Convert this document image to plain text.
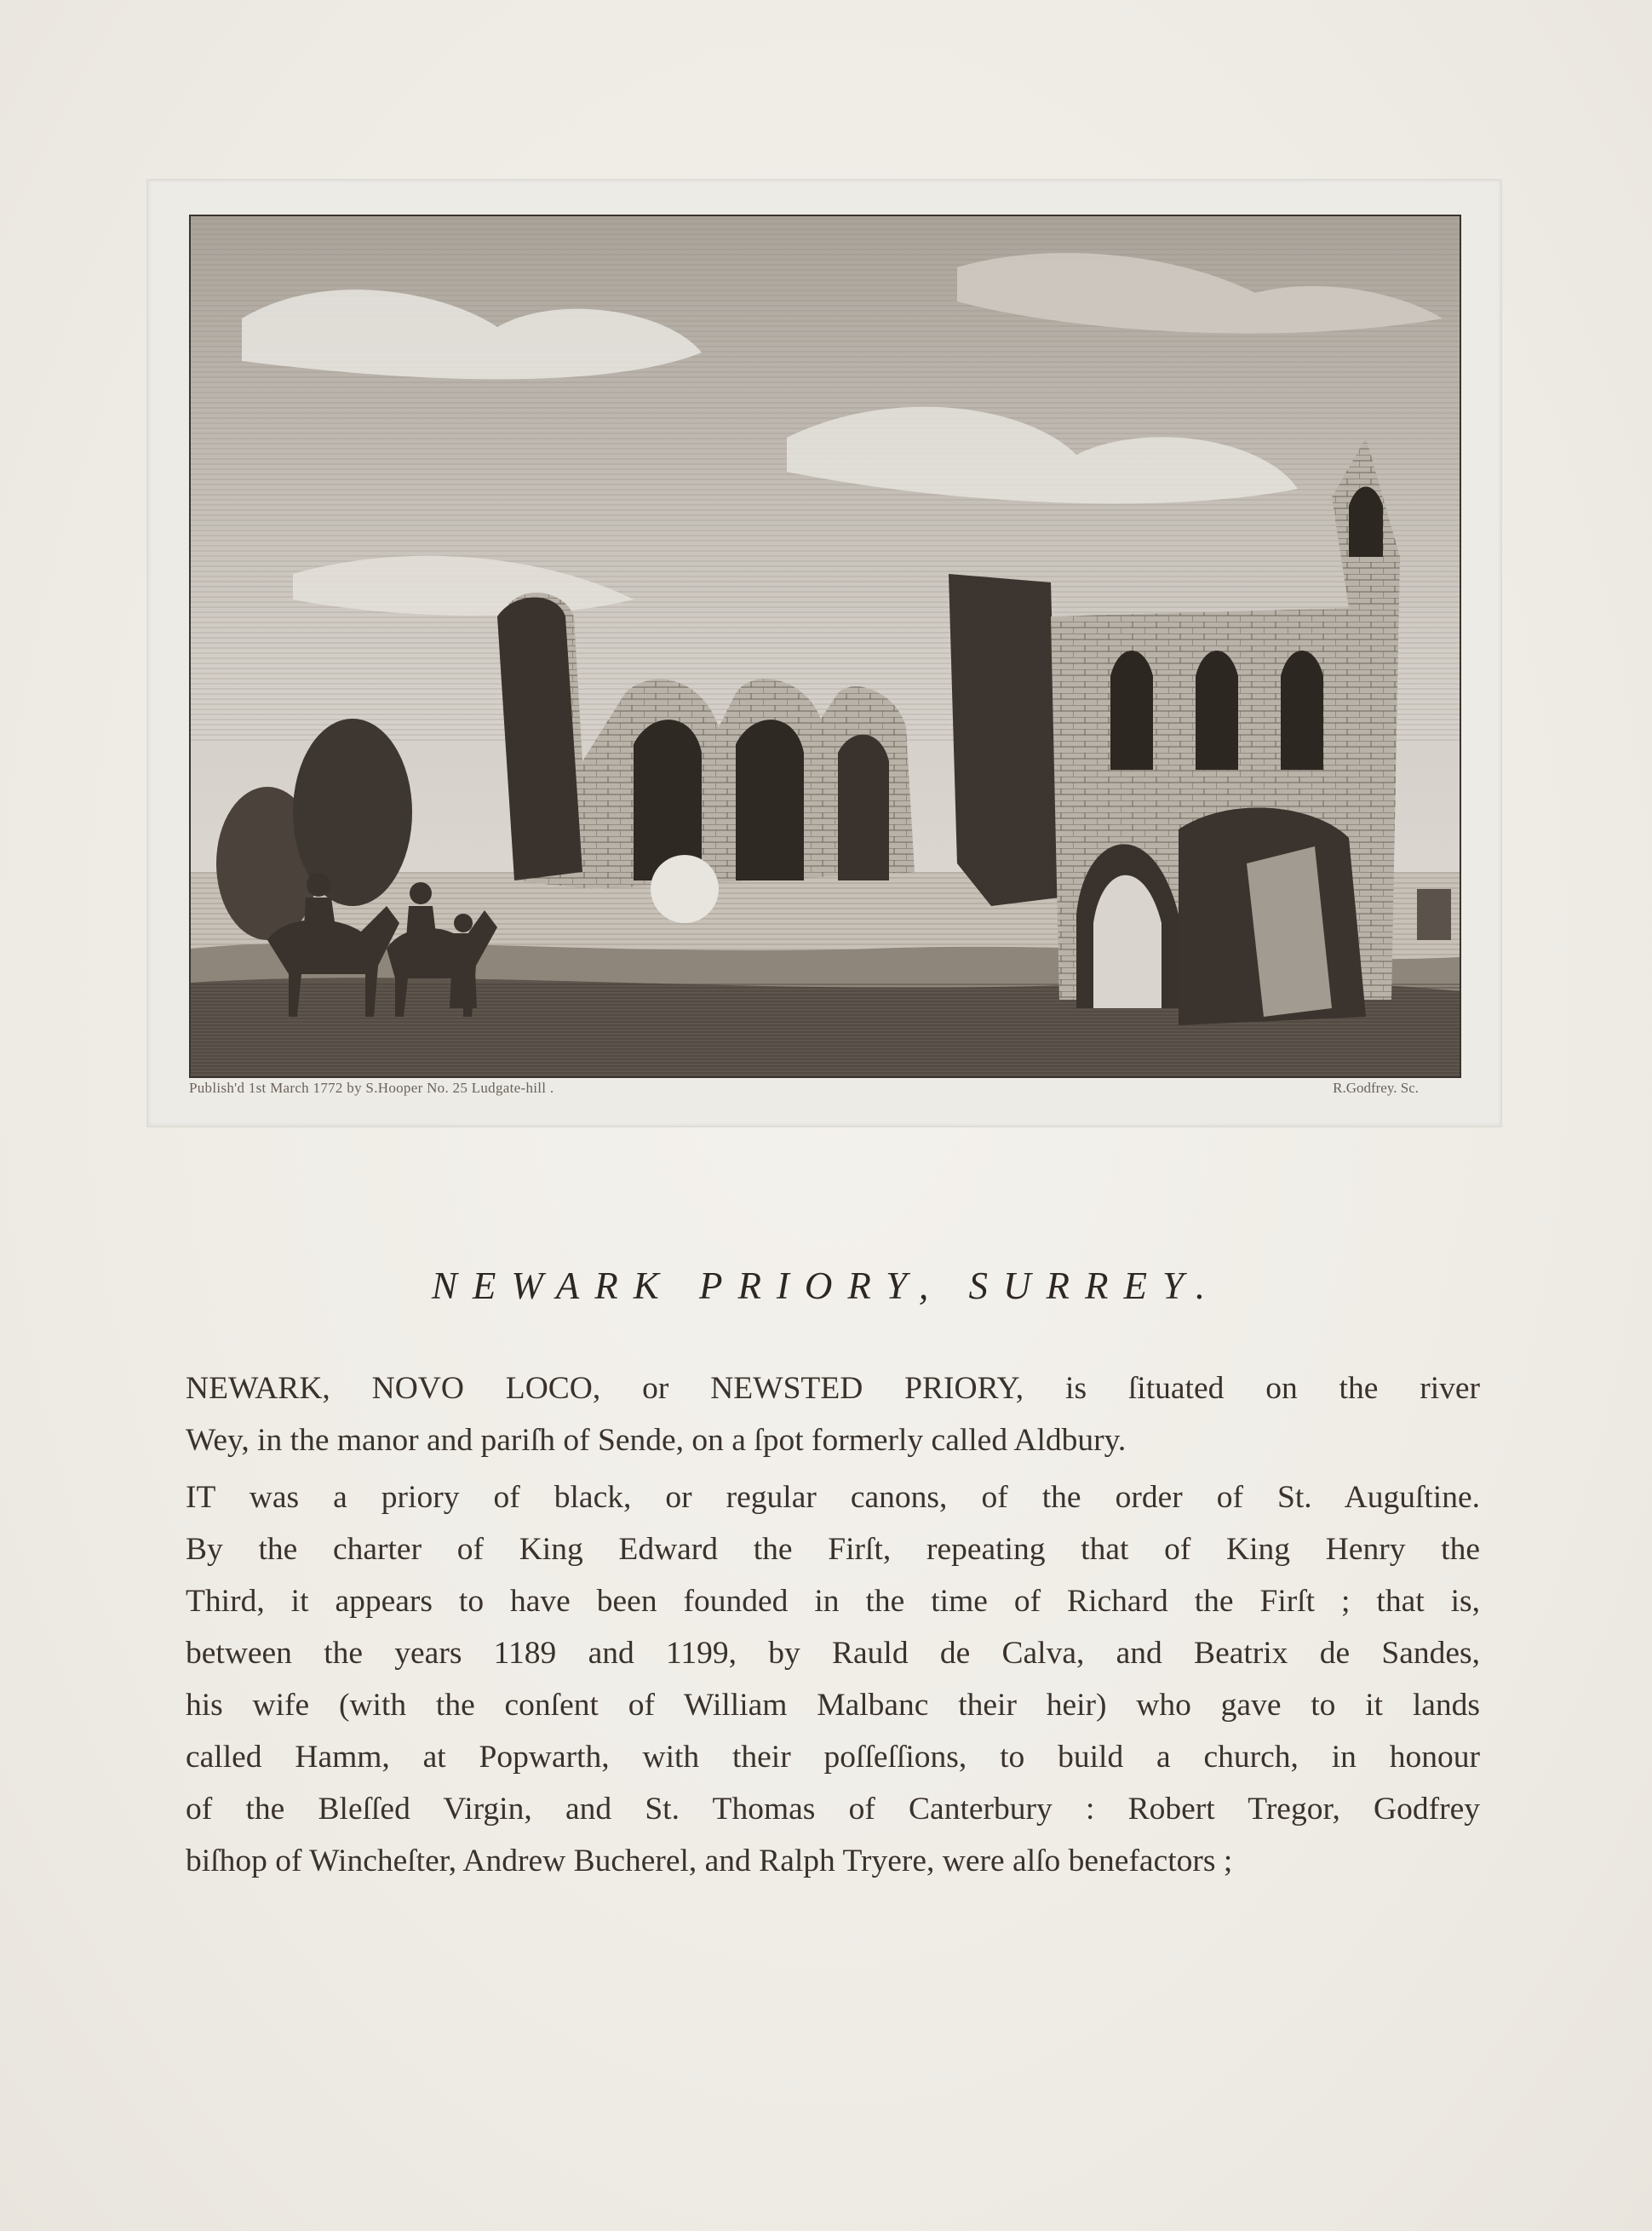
Publish'd 1st March 1772 by S.Hooper No. 25 Ludgate-hill .	R.Godfrey. Sc.
NEWARK PRIORY, SURREY.

NEWARK, NOVO LOCO, or NEWSTED PRIORY, is ſituated on the river
Wey, in the manor and pariſh of Sende, on a ſpot formerly called Aldbury.

IT was a priory of black, or regular canons, of the order of St. Auguſtine.
By the charter of King Edward the Firſt, repeating that of King Henry the
Third, it appears to have been founded in the time of Richard the Firſt ; that is,
between the years 1189 and 1199, by Rauld de Calva, and Beatrix de Sandes,
his wife (with the conſent of William Malbanc their heir) who gave to it lands
called Hamm, at Popwarth, with their poſſeſſions, to build a church, in honour
of the Bleſſed Virgin, and St. Thomas of Canterbury : Robert Tregor, Godfrey
biſhop of Wincheſter, Andrew Bucherel, and Ralph Tryere, were alſo benefactors ;
